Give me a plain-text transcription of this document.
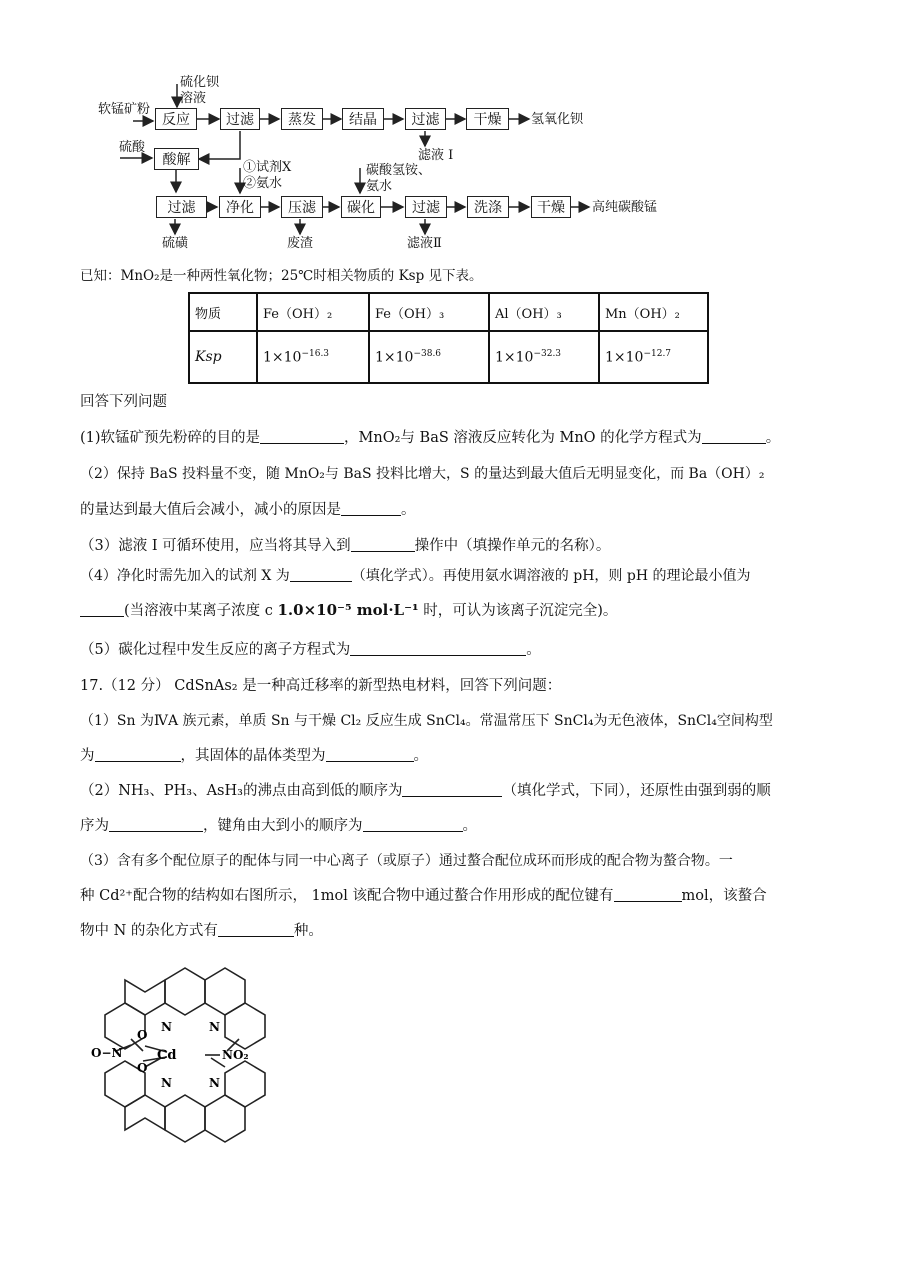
软锰矿粉
硫化钡
溶液
硫酸
①试剂X
②氨水
碳酸氢铵、
氨水
反应	过滤	蒸发	结晶	过滤	干燥	氢氧化钡
滤液 I
酸解
过滤	净化	压滤	碳化	过滤	洗涤	干燥	高纯碳酸锰
硫磺	废渣	滤液Ⅱ
已知：MnO₂是一种两性氧化物；25℃时相关物质的 Ksp 见下表。
物质	Fe（OH）₂	Fe（OH）₃	Al（OH）₃	Mn（OH）₂
Ksp	$1\times 10^{-16.3}$	$1\times 10^{-38.6}$	$1\times 10^{-32.3}$	$1\times 10^{-12.7}$
回答下列问题
(1)软锰矿预先粉碎的目的是	，MnO₂与 BaS 溶液反应转化为 MnO 的化学方程式为	。
（2）保持 BaS 投料量不变，随 MnO₂与 BaS 投料比增大，S 的量达到最大值后无明显变化，而 Ba（OH）₂
的量达到最大值后会减小，减小的原因是	。
（3）滤液 I 可循环使用，应当将其导入到	操作中（填操作单元的名称）。
（4）净化时需先加入的试剂 X 为	（填化学式）。再使用氨水调溶液的 pH，则 pH 的理论最小值为
(当溶液中某离子浓度 c 1.0×10⁻⁵ mol·L⁻¹ 时，可认为该离子沉淀完全)。
（5）碳化过程中发生反应的离子方程式为	。
17.（12 分） CdSnAs₂ 是一种高迁移率的新型热电材料，回答下列问题：
（1）Sn 为ⅣA 族元素，单质 Sn 与干燥 Cl₂ 反应生成 SnCl₄。常温常压下 SnCl₄为无色液体，SnCl₄空间构型
为	，其固体的晶体类型为	。
（2）NH₃、PH₃、AsH₃的沸点由高到低的顺序为	（填化学式，下同），还原性由强到弱的顺
序为	，键角由大到小的顺序为	。
（3）含有多个配位原子的配体与同一中心离子（或原子）通过螯合配位成环而形成的配合物为螯合物。一
种 Cd²⁺配合物的结构如右图所示， 1mol 该配合物中通过螯合作用形成的配位键有	mol，该螯合
物中 N 的杂化方式有	种。
Cd
O
O
O−N	NO₂
N	N
N	N
